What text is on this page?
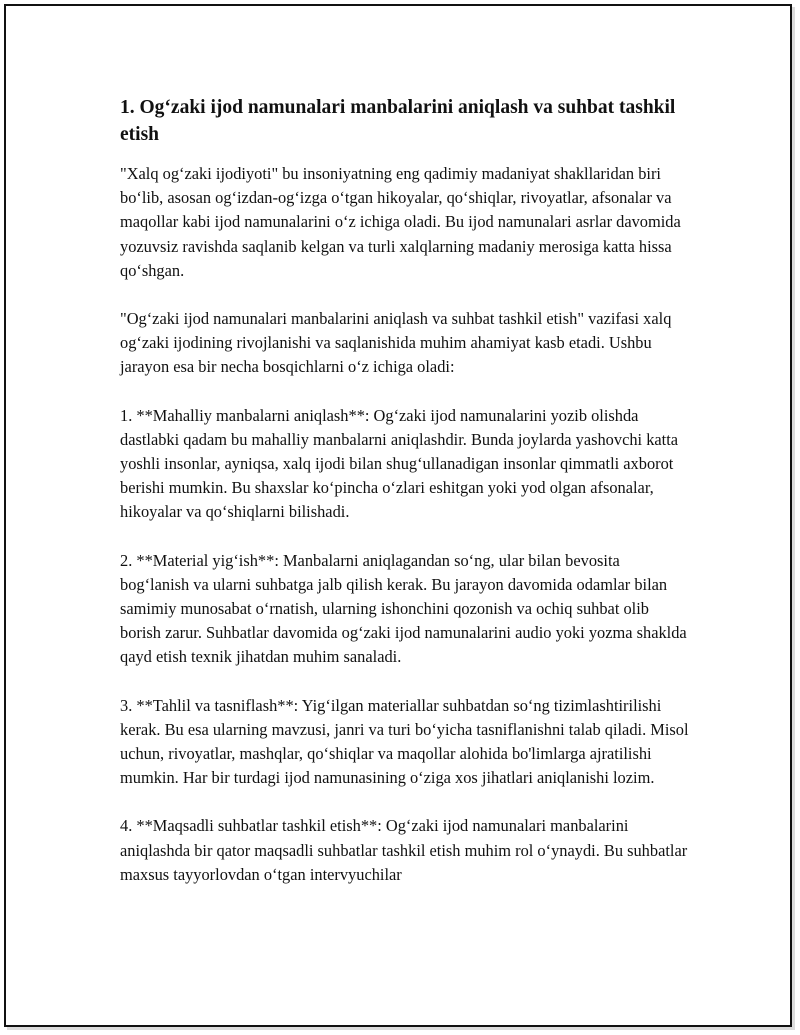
1. Og‘zaki ijod namunalari manbalarini aniqlash va suhbat tashkil etish

"Xalq og‘zaki ijodiyoti" bu insoniyatning eng qadimiy madaniyat shakllaridan biri bo‘lib, asosan og‘izdan-og‘izga o‘tgan hikoyalar, qo‘shiqlar, rivoyatlar, afsonalar va maqollar kabi ijod namunalarini o‘z ichiga oladi. Bu ijod namunalari asrlar davomida yozuvsiz ravishda saqlanib kelgan va turli xalqlarning madaniy merosiga katta hissa qo‘shgan.

"Og‘zaki ijod namunalari manbalarini aniqlash va suhbat tashkil etish" vazifasi xalq og‘zaki ijodining rivojlanishi va saqlanishida muhim ahamiyat kasb etadi. Ushbu jarayon esa bir necha bosqichlarni o‘z ichiga oladi:

1. **Mahalliy manbalarni aniqlash**: Og‘zaki ijod namunalarini yozib olishda dastlabki qadam bu mahalliy manbalarni aniqlashdir. Bunda joylarda yashovchi katta yoshli insonlar, ayniqsa, xalq ijodi bilan shug‘ullanadigan insonlar qimmatli axborot berishi mumkin. Bu shaxslar ko‘pincha o‘zlari eshitgan yoki yod olgan afsonalar, hikoyalar va qo‘shiqlarni bilishadi.

2. **Material yig‘ish**: Manbalarni aniqlagandan so‘ng, ular bilan bevosita bog‘lanish va ularni suhbatga jalb qilish kerak. Bu jarayon davomida odamlar bilan samimiy munosabat o‘rnatish, ularning ishonchini qozonish va ochiq suhbat olib borish zarur. Suhbatlar davomida og‘zaki ijod namunalarini audio yoki yozma shaklda qayd etish texnik jihatdan muhim sanaladi.

3. **Tahlil va tasniflash**: Yig‘ilgan materiallar suhbatdan so‘ng tizimlashtirilishi kerak. Bu esa ularning mavzusi, janri va turi bo‘yicha tasniflanishni talab qiladi. Misol uchun, rivoyatlar, mashqlar, qo‘shiqlar va maqollar alohida bo'limlarga ajratilishi mumkin. Har bir turdagi ijod namunasining o‘ziga xos jihatlari aniqlanishi lozim.

4. **Maqsadli suhbatlar tashkil etish**: Og‘zaki ijod namunalari manbalarini aniqlashda bir qator maqsadli suhbatlar tashkil etish muhim rol o‘ynaydi. Bu suhbatlar maxsus tayyorlovdan o‘tgan intervyuchilar
